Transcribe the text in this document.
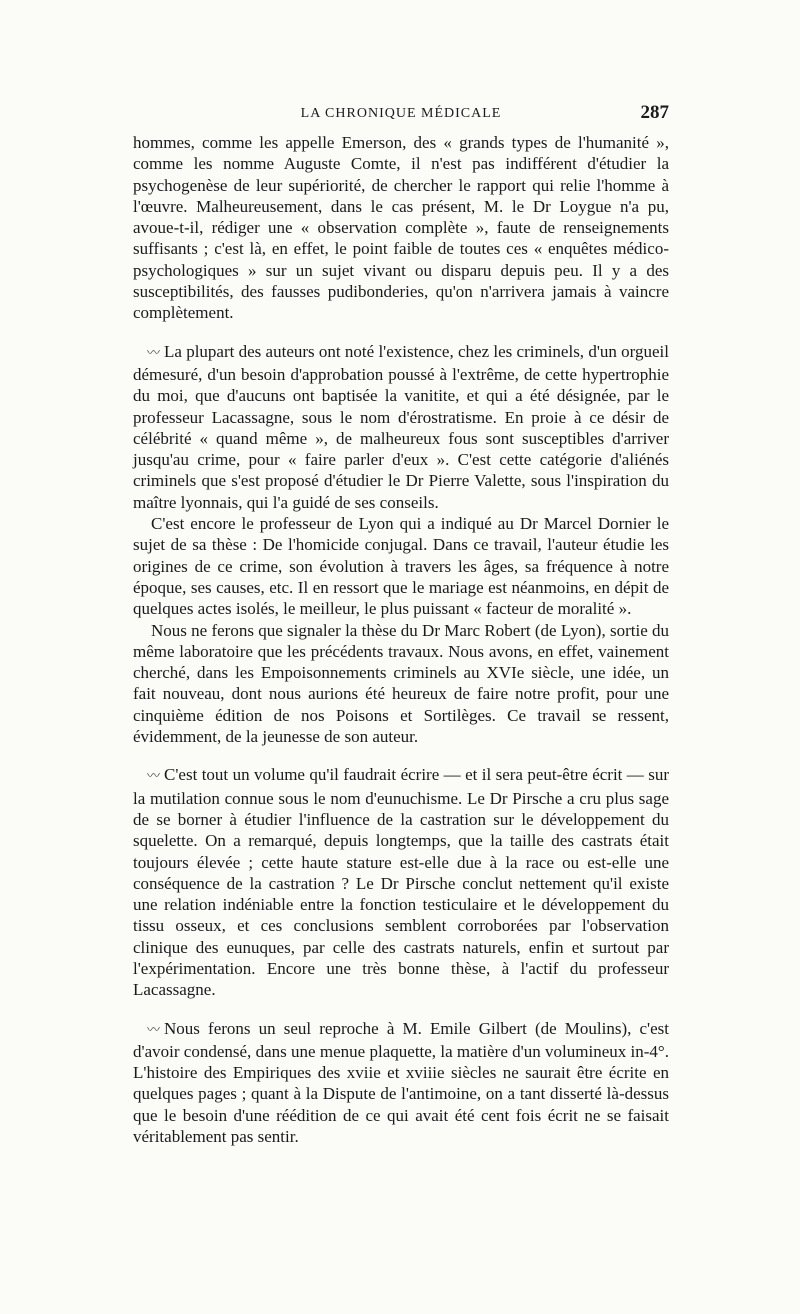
LA CHRONIQUE MÉDICALE	287

hommes, comme les appelle Emerson, des « grands types de l'humanité », comme les nomme Auguste Comte, il n'est pas indifférent d'étudier la psychogenèse de leur supériorité, de chercher le rapport qui relie l'homme à l'œuvre. Malheureusement, dans le cas présent, M. le Dr Loygue n'a pu, avoue-t-il, rédiger une « observation complète », faute de renseignements suffisants ; c'est là, en effet, le point faible de toutes ces « enquêtes médico-psychologiques » sur un sujet vivant ou disparu depuis peu. Il y a des susceptibilités, des fausses pudibonderies, qu'on n'arrivera jamais à vaincre complètement.

〰 La plupart des auteurs ont noté l'existence, chez les criminels, d'un orgueil démesuré, d'un besoin d'approbation poussé à l'extrême, de cette hypertrophie du moi, que d'aucuns ont baptisée la vanitite, et qui a été désignée, par le professeur Lacassagne, sous le nom d'érostratisme. En proie à ce désir de célébrité « quand même », de malheureux fous sont susceptibles d'arriver jusqu'au crime, pour « faire parler d'eux ». C'est cette catégorie d'aliénés criminels que s'est proposé d'étudier le Dr Pierre Valette, sous l'inspiration du maître lyonnais, qui l'a guidé de ses conseils.

C'est encore le professeur de Lyon qui a indiqué au Dr Marcel Dornier le sujet de sa thèse : De l'homicide conjugal. Dans ce travail, l'auteur étudie les origines de ce crime, son évolution à travers les âges, sa fréquence à notre époque, ses causes, etc. Il en ressort que le mariage est néanmoins, en dépit de quelques actes isolés, le meilleur, le plus puissant « facteur de moralité ».

Nous ne ferons que signaler la thèse du Dr Marc Robert (de Lyon), sortie du même laboratoire que les précédents travaux. Nous avons, en effet, vainement cherché, dans les Empoisonnements criminels au XVIe siècle, une idée, un fait nouveau, dont nous aurions été heureux de faire notre profit, pour une cinquième édition de nos Poisons et Sortilèges. Ce travail se ressent, évidemment, de la jeunesse de son auteur.

〰 C'est tout un volume qu'il faudrait écrire — et il sera peut-être écrit — sur la mutilation connue sous le nom d'eunuchisme. Le Dr Pirsche a cru plus sage de se borner à étudier l'influence de la castration sur le développement du squelette. On a remarqué, depuis longtemps, que la taille des castrats était toujours élevée ; cette haute stature est-elle due à la race ou est-elle une conséquence de la castration ? Le Dr Pirsche conclut nettement qu'il existe une relation indéniable entre la fonction testiculaire et le développement du tissu osseux, et ces conclusions semblent corroborées par l'observation clinique des eunuques, par celle des castrats naturels, enfin et surtout par l'expérimentation. Encore une très bonne thèse, à l'actif du professeur Lacassagne.

〰 Nous ferons un seul reproche à M. Emile Gilbert (de Moulins), c'est d'avoir condensé, dans une menue plaquette, la matière d'un volumineux in-4°. L'histoire des Empiriques des xviie et xviiie siècles ne saurait être écrite en quelques pages ; quant à la Dispute de l'antimoine, on a tant disserté là-dessus que le besoin d'une réédition de ce qui avait été cent fois écrit ne se faisait véritablement pas sentir.
